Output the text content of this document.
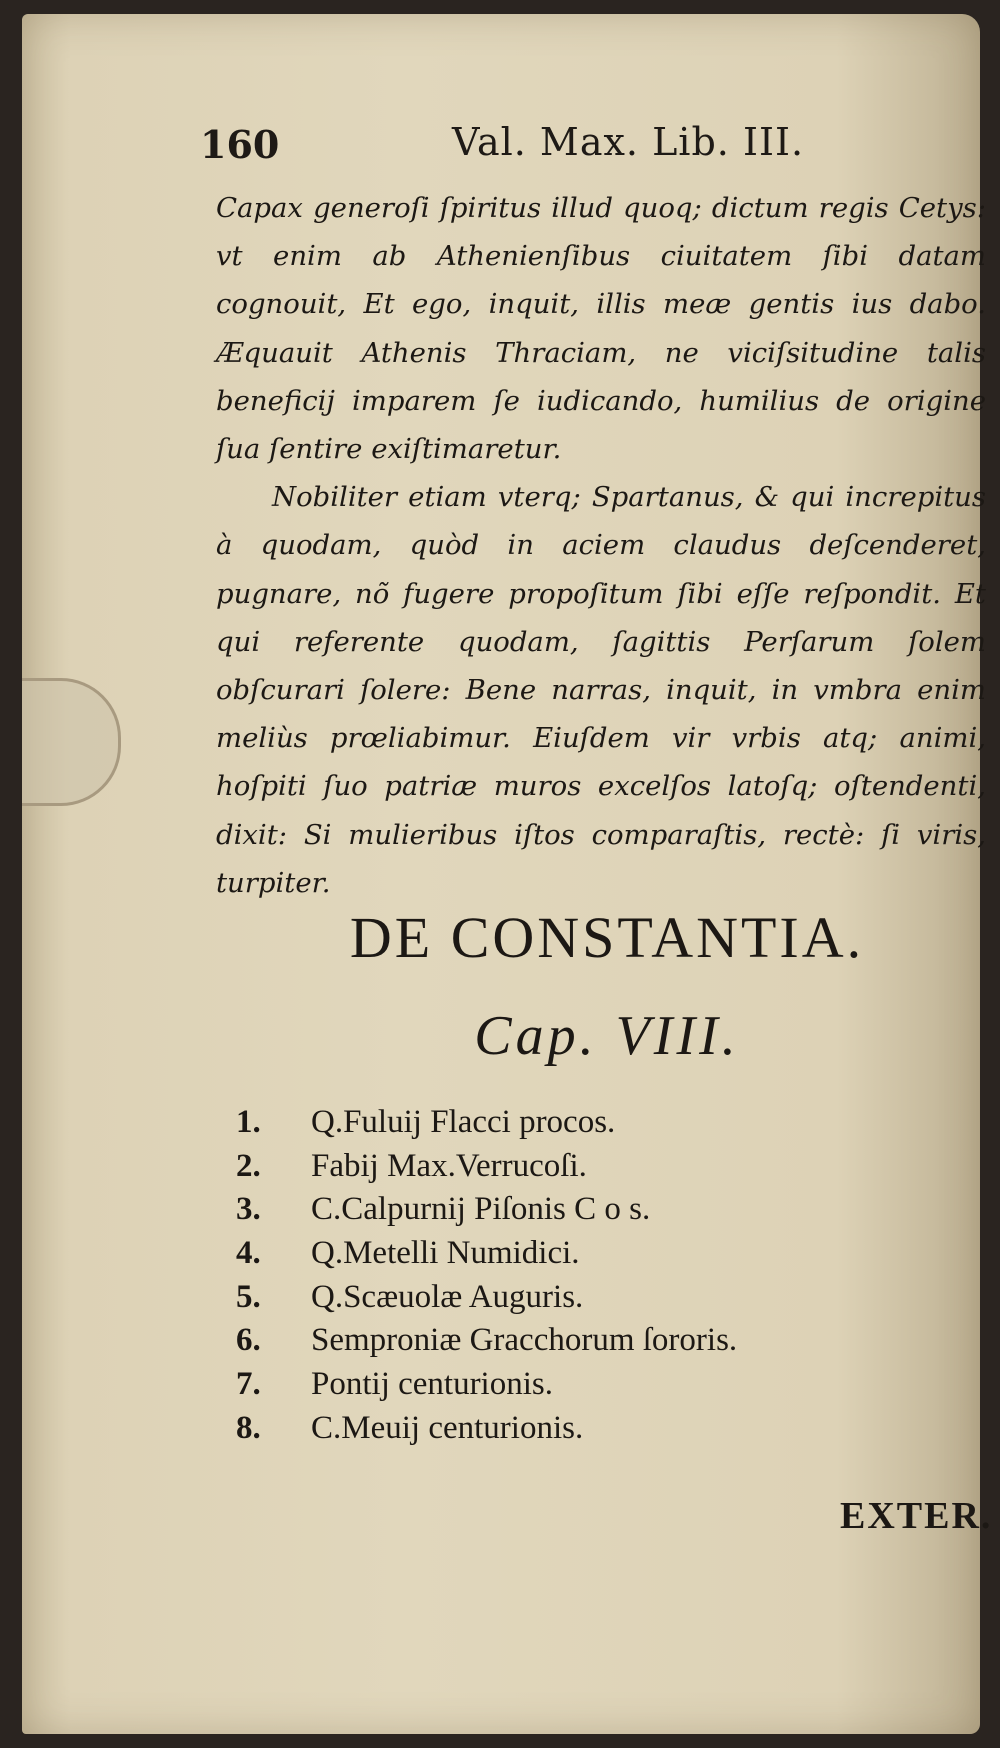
160	Val. Max. Lib. III.

Capax generoſi ſpiritus illud quoq; dictum regis Cetys: vt enim ab Athenienſibus ciuitatem ſibi datam cognouit, Et ego, inquit, illis meæ gentis ius dabo. Æquauit Athenis Thraciam, ne viciſsitudine talis beneficij imparem ſe iudicando, humilius de origine ſua ſentire exiſtimaretur.

Nobiliter etiam vterq; Spartanus, & qui increpitus à quodam, quòd in aciem claudus deſcenderet, pugnare, nõ fugere propoſitum ſibi eſſe reſpondit. Et qui referente quodam, ſagittis Perſarum ſolem obſcurari ſolere: Bene narras, inquit, in vmbra enim meliùs prœliabimur. Eiuſdem vir vrbis atq; animi, hoſpiti ſuo patriæ muros excelſos latoſq; oſtendenti, dixit: Si mulieribus iſtos comparaſtis, rectè: ſi viris, turpiter.

DE CONSTANTIA.
Cap. VIII.
1.	Q.Fuluij Flacci procos.
2.	Fabij Max.Verrucoſi.
3.	C.Calpurnij Piſonis C o s.
4.	Q.Metelli Numidici.
5.	Q.Scæuolæ Auguris.
6.	Semproniæ Gracchorum ſororis.
7.	Pontij centurionis.
8.	C.Meuij centurionis.
EXTER.
